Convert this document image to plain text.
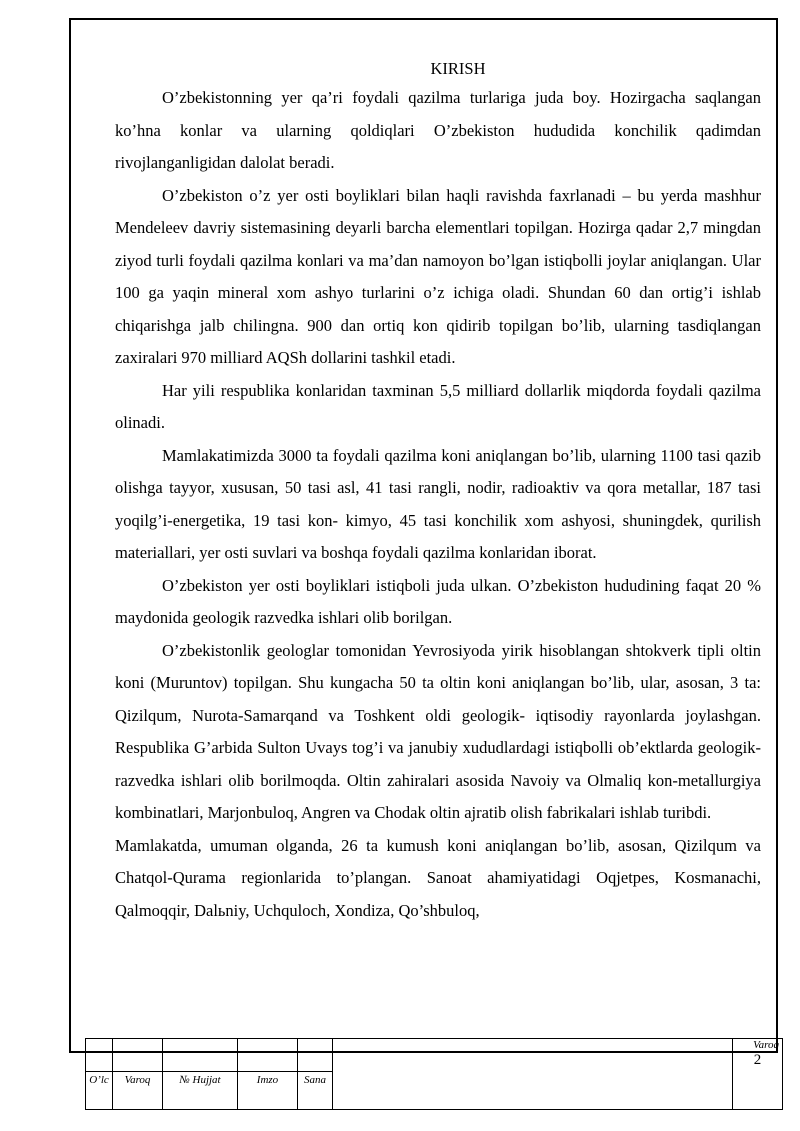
KIRISH

O’zbekistonning yer qa’ri foydali qazilma turlariga juda boy. Hozirgacha saqlangan ko’hna konlar va ularning qoldiqlari O’zbekiston hududida konchilik qadimdan rivojlanganligidan dalolat beradi.

O’zbekiston o’z yer osti boyliklari bilan haqli ravishda faxrlanadi – bu yerda mashhur Mendeleev davriy sistemasining deyarli barcha elementlari topilgan. Hozirga qadar 2,7 mingdan ziyod turli foydali qazilma konlari va ma’dan namoyon bo’lgan istiqbolli joylar aniqlangan. Ular 100 ga yaqin mineral xom ashyo turlarini o’z ichiga oladi. Shundan 60 dan ortig’i ishlab chiqarishga jalb chilingna. 900 dan ortiq kon qidirib topilgan bo’lib, ularning tasdiqlangan zaxiralari 970 milliard AQSh dollarini tashkil etadi.

Har yili respublika konlaridan taxminan 5,5 milliard dollarlik miqdorda foydali qazilma olinadi.

Mamlakatimizda 3000 ta foydali qazilma koni aniqlangan bo’lib, ularning 1100 tasi qazib olishga tayyor, xususan, 50 tasi asl, 41 tasi rangli, nodir, radioaktiv va qora metallar, 187 tasi yoqilg’i-energetika, 19 tasi kon- kimyo, 45 tasi konchilik xom ashyosi, shuningdek, qurilish materiallari, yer osti suvlari va boshqa foydali qazilma konlaridan iborat.

O’zbekiston yer osti boyliklari istiqboli juda ulkan. O’zbekiston hududining faqat 20 % maydonida geologik razvedka ishlari olib borilgan.

O’zbekistonlik geologlar tomonidan Yevrosiyoda yirik hisoblangan shtokverk tipli oltin koni (Muruntov) topilgan. Shu kungacha 50 ta oltin koni aniqlangan bo’lib, ular, asosan, 3 ta: Qizilqum, Nurota-Samarqand va Toshkent oldi geologik- iqtisodiy rayonlarda joylashgan. Respublika G’arbida Sulton Uvays tog’i va janubiy xududlardagi istiqbolli ob’ektlarda geologik-razvedka ishlari olib borilmoqda. Oltin zahiralari asosida Navoiy va Olmaliq kon-metallurgiya kombinatlari, Marjonbuloq, Angren va Chodak oltin ajratib olish fabrikalari ishlab turibdi.

Mamlakatda, umuman olganda, 26 ta kumush koni aniqlangan bo’lib, asosan, Qizilqum va Chatqol-Qurama regionlarida to’plangan. Sanoat ahamiyatidagi Oqjetpes, Kosmanachi, Qalmoqqir, Dalьniy, Uchquloch, Xondiza, Qo’shbuloq,

						Varoq
2

O’lc	Varoq	№ Hujjat	Imzo	Sana		
